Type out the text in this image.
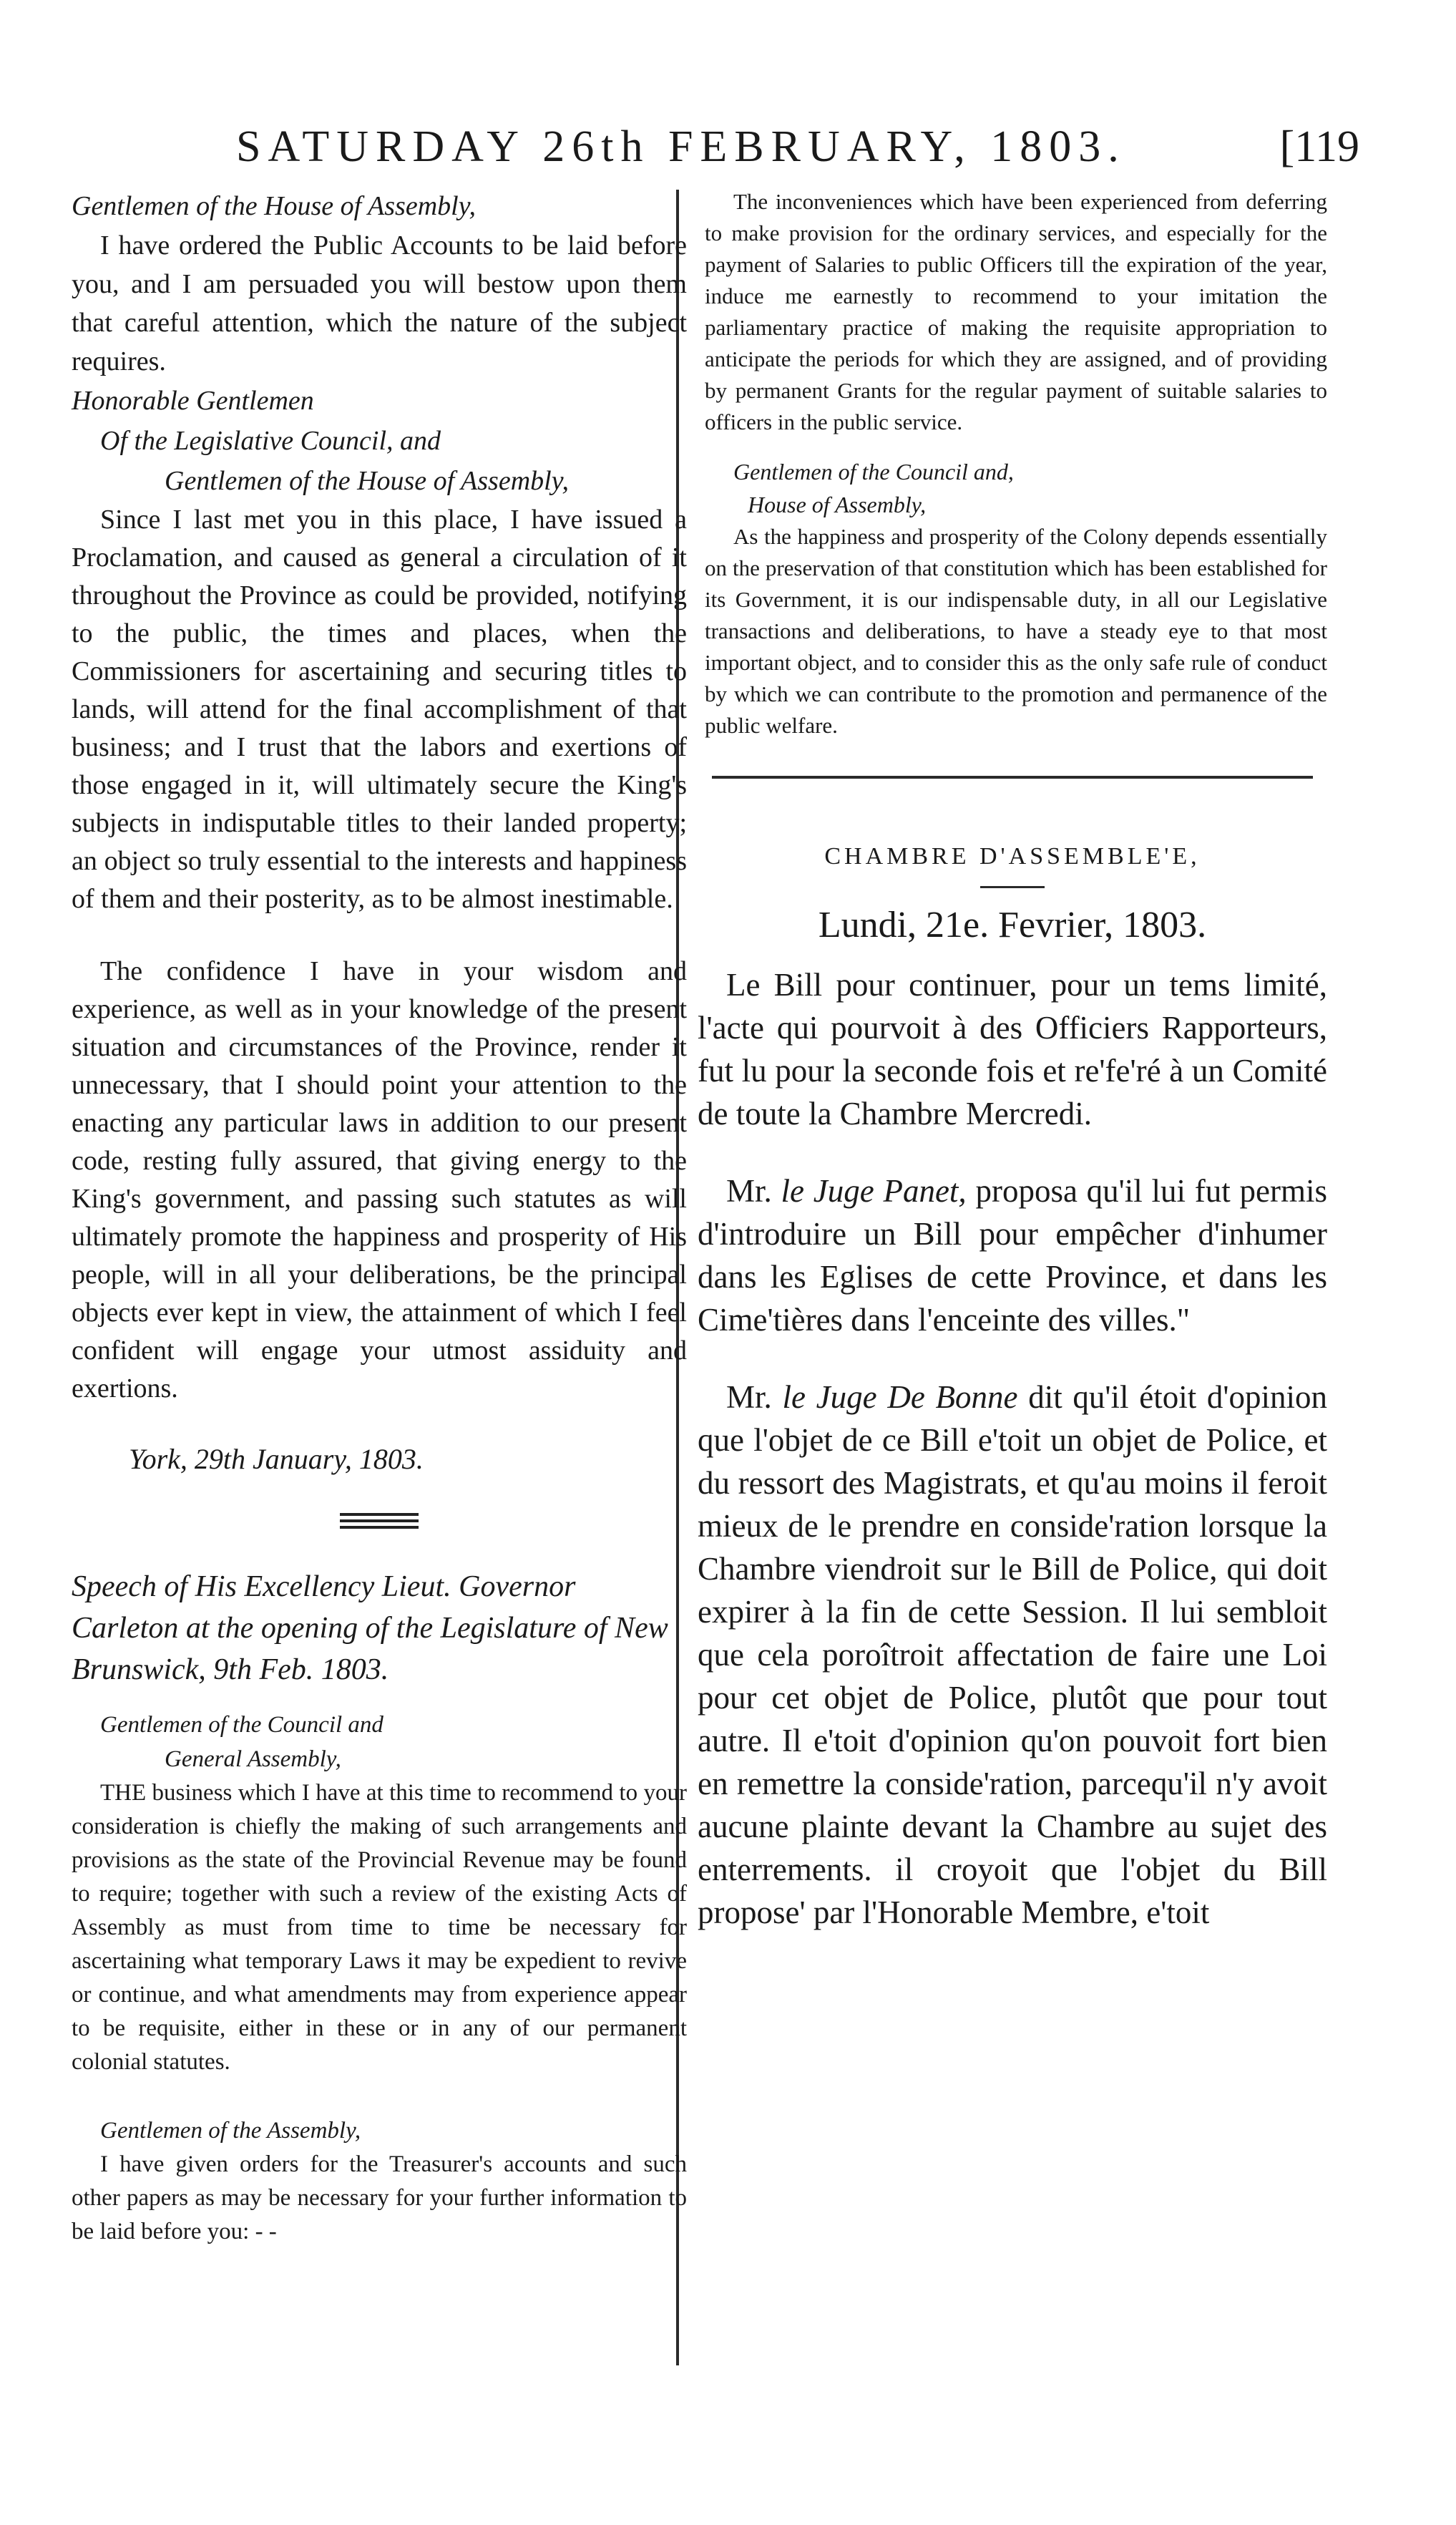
SATURDAY 26th FEBRUARY, 1803.	[119
Gentlemen of the House of Assembly,

I have ordered the Public Accounts to be laid before you, and I am persuaded you will bestow upon them that careful attention, which the nature of the subject requires.

Honorable Gentlemen
Of the Legislative Council, and
Gentlemen of the House of Assembly,

Since I last met you in this place, I have issued a Proclamation, and caused as general a circulation of it throughout the Province as could be provided, notifying to the public, the times and places, when the Commissioners for ascertaining and securing titles to lands, will attend for the final accomplishment of that business; and I trust that the labors and exertions of those engaged in it, will ultimately secure the King's subjects in indisputable titles to their landed property; an object so truly essential to the interests and happiness of them and their posterity, as to be almost inestimable.

The confidence I have in your wisdom and experience, as well as in your knowledge of the present situation and circumstances of the Province, render it unnecessary, that I should point your attention to the enacting any particular laws in addition to our present code, resting fully assured, that giving energy to the King's government, and passing such statutes as will ultimately promote the happiness and prosperity of His people, will in all your deliberations, be the principal objects ever kept in view, the attainment of which I feel confident will engage your utmost assiduity and exertions.

York, 29th January, 1803.
Speech of His Excellency Lieut. Governor Carleton at the opening of the Legislature of New Brunswick, 9th Feb. 1803.
Gentlemen of the Council and
General Assembly,

THE business which I have at this time to recommend to your consideration is chiefly the making of such arrangements and provisions as the state of the Provincial Revenue may be found to require; together with such a review of the existing Acts of Assembly as must from time to time be necessary for ascertaining what temporary Laws it may be expedient to revive or continue, and what amendments may from experience appear to be requisite, either in these or in any of our permanent colonial statutes.

Gentlemen of the Assembly,

I have given orders for the Treasurer's accounts and such other papers as may be necessary for your further information to be laid before you: - -

The inconveniences which have been experienced from deferring to make provision for the ordinary services, and especially for the payment of Salaries to public Officers till the expiration of the year, induce me earnestly to recommend to your imitation the parliamentary practice of making the requisite appropriation to anticipate the periods for which they are assigned, and of providing by permanent Grants for the regular payment of suitable salaries to officers in the public service.

Gentlemen of the Council and,
House of Assembly,

As the happiness and prosperity of the Colony depends essentially on the preservation of that constitution which has been established for its Government, it is our indispensable duty, in all our Legislative transactions and deliberations, to have a steady eye to that most important object, and to consider this as the only safe rule of conduct by which we can contribute to the promotion and permanence of the public welfare.

CHAMBRE D'ASSEMBLE'E,
Lundi, 21e. Fevrier, 1803.

Le Bill pour continuer, pour un tems limité, l'acte qui pourvoit à des Officiers Rapporteurs, fut lu pour la seconde fois et re'fe'ré à un Comité de toute la Chambre Mercredi.

Mr. le Juge Panet, proposa qu'il lui fut permis d'introduire un Bill pour empêcher d'inhumer dans les Eglises de cette Province, et dans les Cime'tières dans l'enceinte des villes."

Mr. le Juge De Bonne dit qu'il étoit d'opinion que l'objet de ce Bill e'toit un objet de Police, et du ressort des Magistrats, et qu'au moins il feroit mieux de le prendre en conside'ration lorsque la Chambre viendroit sur le Bill de Police, qui doit expirer à la fin de cette Session. Il lui sembloit que cela poroîtroit affectation de faire une Loi pour cet objet de Police, plutôt que pour tout autre. Il e'toit d'opinion qu'on pouvoit fort bien en remettre la conside'ration, parcequ'il n'y avoit aucune plainte devant la Chambre au sujet des enterrements. il croyoit que l'objet du Bill propose' par l'Honorable Membre, e'toit
